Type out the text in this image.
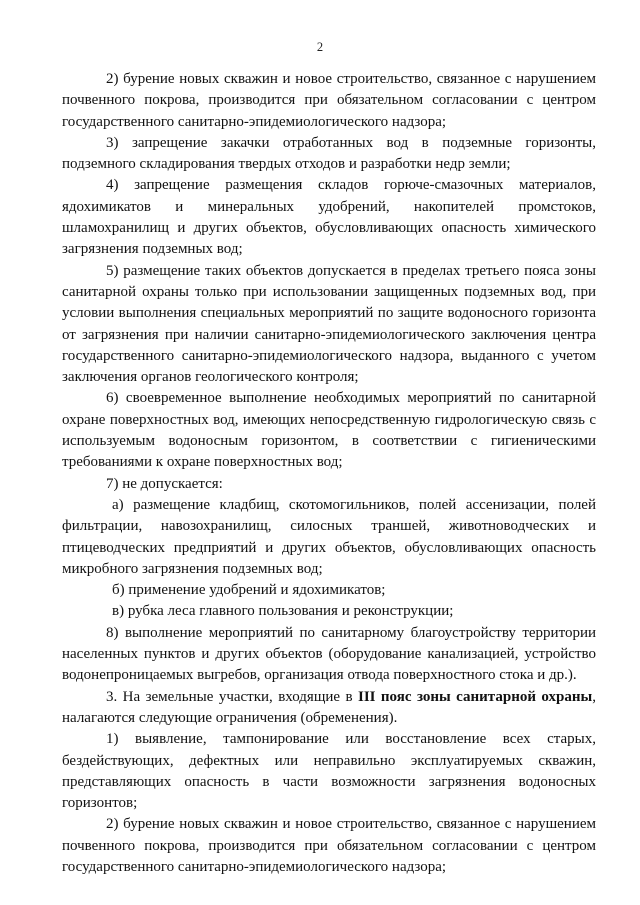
2

2) бурение новых скважин и новое строительство, связанное с нарушением почвенного покрова, производится при обязательном согласовании с центром государственного санитарно-эпидемиологического надзора;

3) запрещение закачки отработанных вод в подземные горизонты, подземного складирования твердых отходов и разработки недр земли;

4) запрещение размещения складов горюче-смазочных материалов, ядохимикатов и минеральных удобрений, накопителей промстоков, шламохранилищ и других объектов, обусловливающих опасность химического загрязнения подземных вод;

5) размещение таких объектов допускается в пределах третьего пояса зоны санитарной охраны только при использовании защищенных подземных вод, при условии выполнения специальных мероприятий по защите водоносного горизонта от загрязнения при наличии санитарно-эпидемиологического заключения центра государственного санитарно-эпидемиологического надзора, выданного с учетом заключения органов геологического контроля;

6) своевременное выполнение необходимых мероприятий по санитарной охране поверхностных вод, имеющих непосредственную гидрологическую связь с используемым водоносным горизонтом, в соответствии с гигиеническими требованиями к охране поверхностных вод;

7) не допускается:

а) размещение кладбищ, скотомогильников, полей ассенизации, полей фильтрации, навозохранилищ, силосных траншей, животноводческих и птицеводческих предприятий и других объектов, обусловливающих опасность микробного загрязнения подземных вод;

б) применение удобрений и ядохимикатов;

в) рубка леса главного пользования и реконструкции;

8) выполнение мероприятий по санитарному благоустройству территории населенных пунктов и других объектов (оборудование канализацией, устройство водонепроницаемых выгребов, организация отвода поверхностного стока и др.).

3. На земельные участки, входящие в III пояс зоны санитарной охраны, налагаются следующие ограничения (обременения).

1) выявление, тампонирование или восстановление всех старых, бездействующих, дефектных или неправильно эксплуатируемых скважин, представляющих опасность в части возможности загрязнения водоносных горизонтов;

2) бурение новых скважин и новое строительство, связанное с нарушением почвенного покрова, производится при обязательном согласовании с центром государственного санитарно-эпидемиологического надзора;
